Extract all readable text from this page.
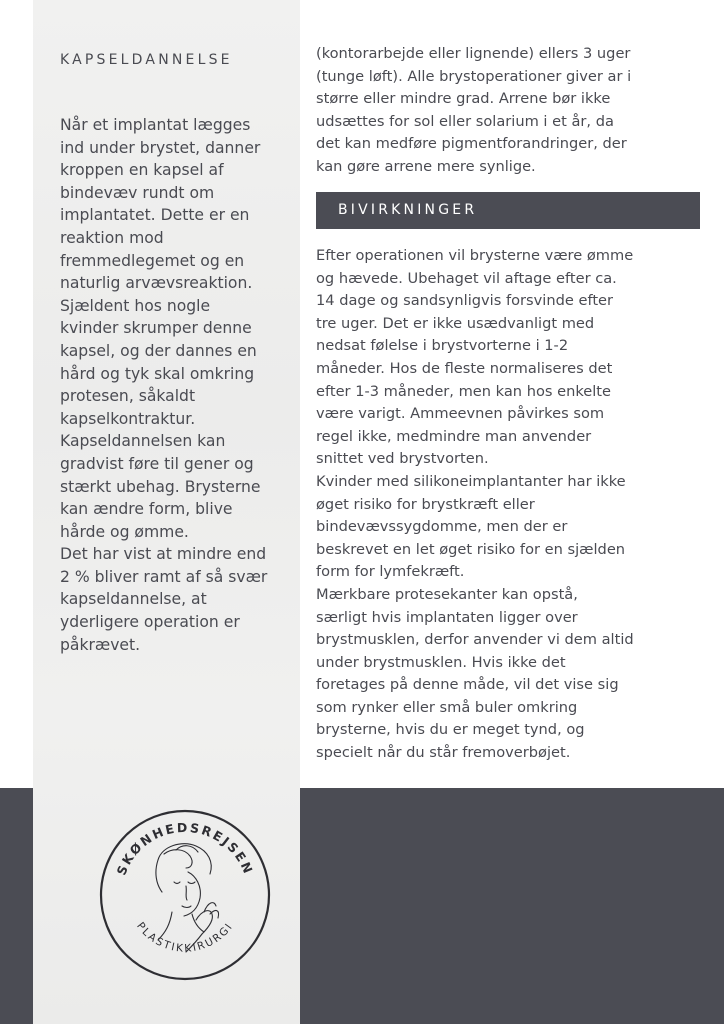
KAPSELDANNELSE
Når et implantat lægges
ind under brystet, danner
kroppen en kapsel af
bindevæv rundt om
implantatet. Dette er en
reaktion mod
fremmedlegemet og en
naturlig arvævsreaktion.
Sjældent hos nogle
kvinder skrumper denne
kapsel, og der dannes en
hård og tyk skal omkring
protesen, såkaldt
kapselkontraktur.
Kapseldannelsen kan
gradvist føre til gener og
stærkt ubehag. Brysterne
kan ændre form, blive
hårde og ømme.
Det har vist at mindre end
2 % bliver ramt af så svær
kapseldannelse, at
yderligere operation er
påkrævet.
(kontorarbejde eller lignende) ellers 3 uger
(tunge løft). Alle brystoperationer giver ar i
større eller mindre grad. Arrene bør ikke
udsættes for sol eller solarium i et år, da
det kan medføre pigmentforandringer, der
kan gøre arrene mere synlige.
BIVIRKNINGER
Efter operationen vil brysterne være ømme
og hævede. Ubehaget vil aftage efter ca.
14 dage og sandsynligvis forsvinde efter
tre uger. Det er ikke usædvanligt med
nedsat følelse i brystvorterne i 1-2
måneder. Hos de fleste normaliseres det
efter 1-3 måneder, men kan hos enkelte
være varigt. Ammeevnen påvirkes som
regel ikke, medmindre man anvender
snittet ved brystvorten.
Kvinder med silikoneimplantanter har ikke
øget risiko for brystkræft eller
bindevævssygdomme, men der er
beskrevet en let øget risiko for en sjælden
form for lymfekræft.
Mærkbare protesekanter kan opstå,
særligt hvis implantaten ligger over
brystmusklen, derfor anvender vi dem altid
under brystmusklen. Hvis ikke det
foretages på denne måde, vil det vise sig
som rynker eller små buler omkring
brysterne, hvis du er meget tynd, og
specielt når du står fremoverbøjet.
SKØNHEDSREJSEN
PLASTIKKIRURGI
